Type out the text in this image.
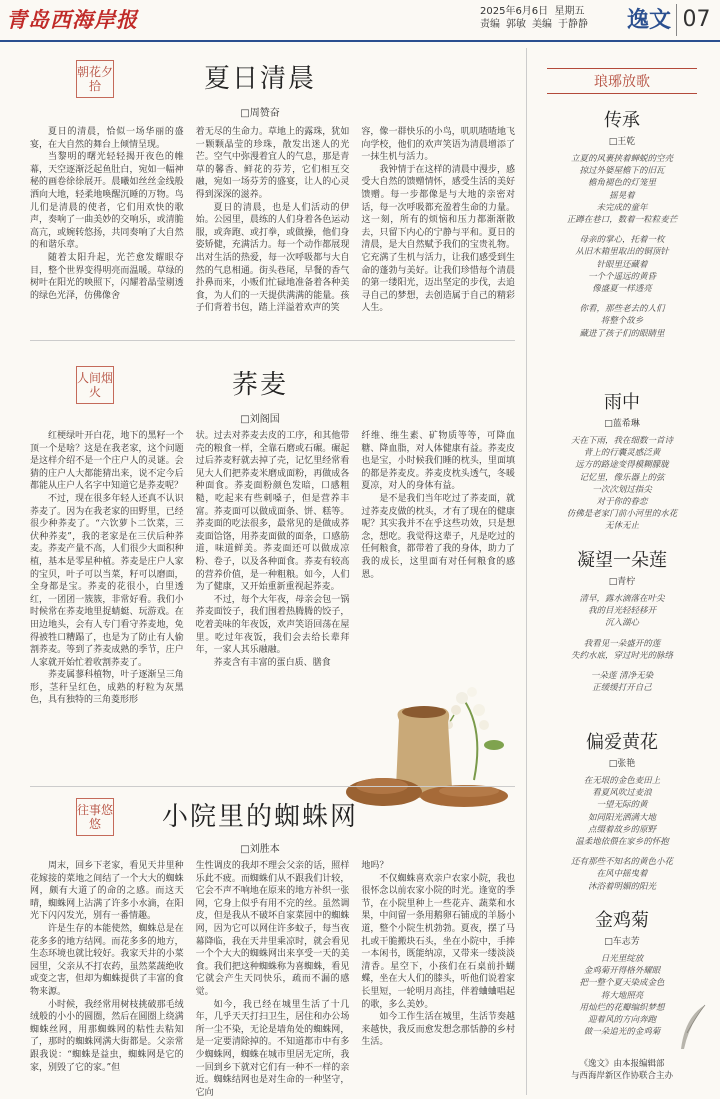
青岛西海岸报	2025年6月6日 星期五
责编 郭敏 美编 于静静 逸文 07
朝花夕拾	夏日清晨
□周赞奋

夏日的清晨，恰似一场华丽的盛宴，在大自然的舞台上倾情呈现。

当黎明的曙光轻轻揭开夜色的帷幕，天空逐渐泛起鱼肚白，宛如一幅神秘的画卷徐徐展开。晨曦如丝丝金线般洒向大地，轻柔地唤醒沉睡的万物。鸟儿们是清晨的使者，它们用欢快的歌声，奏响了一曲美妙的交响乐，或清脆高亢，或婉转悠扬，共同奏响了大自然的和谐乐章。

随着太阳升起，光芒愈发耀眼夺目，整个世界变得明亮而温暖。草绿的树叶在阳光的映照下，闪耀着晶莹剔透的绿色光泽，仿佛像舍

着无尽的生命力。草地上的露珠，犹如一颗颗晶莹的珍珠，散发出迷人的光芒。空气中弥漫着宜人的气息，那是青草的馨香、鲜花的芬芳，它们相互交融，宛如一场芬芳的盛宴，让人的心灵得到深深的滋养。

夏日的清晨，也是人们活动的伊始。公园里，晨练的人们身着各色运动服，或奔跑、或打拳，或做操，他们身姿矫健，充满活力。每一个动作都展现出对生活的热爱，每一次呼吸都与大自然的气息相通。街头巷尾，早餐的香气扑鼻而来，小贩们忙碌地准备着各种美食，为人们的一天提供满满的能量。孩子们背着书包，踏上洋溢着欢声的笑

容，像一群快乐的小鸟，叽叽喳喳地飞向学校，他们的欢声笑语为清晨增添了一抹生机与活力。

我钟情于在这样的清晨中漫步，感受大自然的馈赠情怀，感受生活的美好馈赠。每一步都像是与大地的亲密对话，每一次呼吸都充盈着生命的力量。这一刻，所有的烦恼和压力都渐渐散去，只留下内心的宁静与平和。夏日的清晨，是大自然赋予我们的宝贵礼物。它充满了生机与活力，让我们感受到生命的蓬勃与美好。让我们珍惜每个清晨的第一缕阳光，迈出坚定的步伐，去追寻自己的梦想，去创造属于自己的精彩人生。

人间烟火	荞麦
□刘阁国

红梗绿叶开白花，地下的黑籽一个顶一个是啥？这是在我老家，这个问题是这样介绍不是一个庄户人的灵谜。会猜的庄户人大都能猜出来，说不定今后都能从庄户人名字中知道它是荞麦呢？

不过，现在很多年轻人还真不认识荞麦了。因为在我老家的田野里，已经很少种荞麦了。“六饮萝卜二饮菜，三伏种荞麦”，我的老家是在三伏后种荞麦。荞麦产量不高，人们很少大面积种植，基本是零星种植。荞麦是庄户人家的宝贝，叶子可以当菜，籽可以磨面，全身都是宝。荞麦的花很小，白里透红，一团团一簇簇，非常好看。我们小时候常在荞麦地里捉蜻蜓、玩游戏。在田边地头，会有人专门看守荞麦地，免得被牲口糟蹋了，也是为了防止有人偷割荞麦。等到了荞麦成熟的季节，庄户人家就开始忙着收割荞麦了。

荞麦属蓼科植物，叶子逐渐呈三角形，茎秆呈红色，成熟的籽粒为灰黑色，具有独特的三角菱形形

状。过去对荞麦去皮的工序，和其他带壳的粮食一样，全靠石磨或石碾。碾起过后荞麦籽就去掉了壳，记忆里经常看见大人们把荞麦米磨成面粉，再做成各种面食。荞麦面粉颜色发暗，口感粗糙，吃起来有些刺嗓子，但是营养丰富。荞麦面可以做成面条、饼、糕等。荞麦面的吃法很多，最常见的是做成荞麦面饸饹，用荞麦面做的面条，口感筋道，味道鲜美。荞麦面还可以做成凉粉、卷子，以及各种面食。荞麦有较高的营养价值，是一种粗粮。如今，人们为了健康，又开始重新重视起荞麦。

不过，每个大年夜，母亲会包一锅荞麦面饺子，我们围着热腾腾的饺子，吃着美味的年夜饭，欢声笑语回荡在屋里。吃过年夜饭，我们会去给长辈拜年，一家人其乐融融。

荞麦含有丰富的蛋白质、膳食

纤维、维生素、矿物质等等，可降血糖、降血脂，对人体健康有益。荞麦皮也是宝，小时候我们睡的枕头，里面填的都是荞麦皮。荞麦皮枕头透气，冬暖夏凉，对人的身体有益。

是不是我们当年吃过了荞麦面，就过荞麦皮做的枕头，才有了现在的健康呢？其实我并不在乎这些功效，只是想念，想吃。我觉得这辈子，凡是吃过的任何粮食，都带着了我的身体，助力了我的成长，这里面有对任何粮食的感恩。

往事悠悠	小院里的蜘蛛网
□刘胜本

周末，回乡下老家，看见天井里种花嫁接的菜地之间结了一个大大的蜘蛛网，颇有大道了的命的之感。而这天晴，蜘蛛网上沾满了许多小水滴，在阳光下闪闪发光，别有一番情趣。

许是生存的本能使然，蜘蛛总是在花多多的地方结网。而花多多的地方，生态环境也就比较好。我家天井的小菜园里，父亲从不打农药，虽然菜蔬绝收或变之害，但却为蜘蛛提供了丰富的食物来源。

小时候，我经常用树枝挑破那毛绒绒般的小小的圆圈，然后在圆圈上绕满蜘蛛丝网，用那蜘蛛网的粘性去粘知了，那时的蜘蛛网满大街都是。父亲常跟我说：“蜘蛛是益虫，蜘蛛网是它的家，别毁了它的家。”但

生性调皮的我却不理会父亲的话，照样乐此不疲。而蜘蛛们从不跟我们计较，它会不声不响地在原来的地方补织一张网，它身上似乎有用不完的丝。虽然调皮，但是我从不破坏自家菜园中的蜘蛛网，因为它可以网住许多蚊子，每当夜幕降临，我在天井里乘凉时，就会看见一个个大大的蜘蛛网出来享受一天的美食。我们把这种蜘蛛称为喜蜘蛛，看见它就会产生天同快乐，疏而不漏的感觉。

如今，我已经在城里生活了十几年，几乎天天打扫卫生，居住和办公场所一尘不染，无论是墙角处的蜘蛛网，是一定要清除掉的。不知道都市中有多少蜘蛛网，蜘蛛在城市里居无定所，我一回到乡下就对它们有一种不一样的亲近。蜘蛛结网也是对生命的一种坚守，它向

地吗？

不仅蜘蛛喜欢亲户农家小院，我也很怀念以前农家小院的时光。逢宽的季节，在小院里种上一些花卉、蔬菜和水果，中间留一条用鹅卵石铺成的羊肠小道，整个小院生机勃勃。夏夜，摆了马扎或干脆搬块石头，坐在小院中，手捧一本闲书，既能纳凉，又带来一缕淡淡清香。星空下，小孩们在石桌前扑蝴蝶，坐在大人们的膝头，听他们说着家长里短，一轮明月高挂，伴着蛐蛐唱起的歌，多么美妙。

如今工作生活在城里，生活节奏越来越快，我反而愈发想念那恬静的乡村生活。

琅琊放歌
传承
□王乾
立夏的风裹挟着蝉蜕的空壳
掠过外婆屋檐下的旧瓦
檐角褪色的灯笼里
摇晃着
未完成的童年
正蹲在巷口，数着一粒粒麦芒
母亲的掌心，托着一枚
从旧木箱里取出的铜顶针
针眼里还藏着
一个个遥远的黄昏
像盛夏一样透亮
你看，那些老去的人们
将整个故乡
藏进了孩子们的眼睛里
雨中
□蓝希琳
天在下雨，我在细数一首诗
背上的行囊灵感泛黄
远方的路途变得模糊朦胧
记忆里，像乐器上的弦
一次次划过指尖
对于你的眷恋
仿佛是老家门前小河里的水花
无休无止
凝望一朵莲
□青柠
清早，露水滴落在叶尖
我的目光轻轻移开
沉入湖心
我看见一朵盛开的莲
失约水底，穿过时光的脉络
一朵莲 清净无染
正缓缓打开自己
偏爱黄花
□张艳
在无垠的金色麦田上
看夏风吹过麦浪
一望无际的黄
如同阳光洒满大地
点缀着故乡的原野
温柔地依偎在家乡的怀抱
还有那些不知名的黄色小花
在风中摇曳着
沐浴着明媚的阳光
金鸡菊
□车志芳
日光里绽放
金鸡菊开得格外耀眼
把一整个夏天染成金色
将大地照亮
用灿烂的花瓣编织梦想
迎着风的方向奔跑
做一朵追光的金鸡菊
《逸文》由本报编辑部
与西海岸新区作协联合主办
